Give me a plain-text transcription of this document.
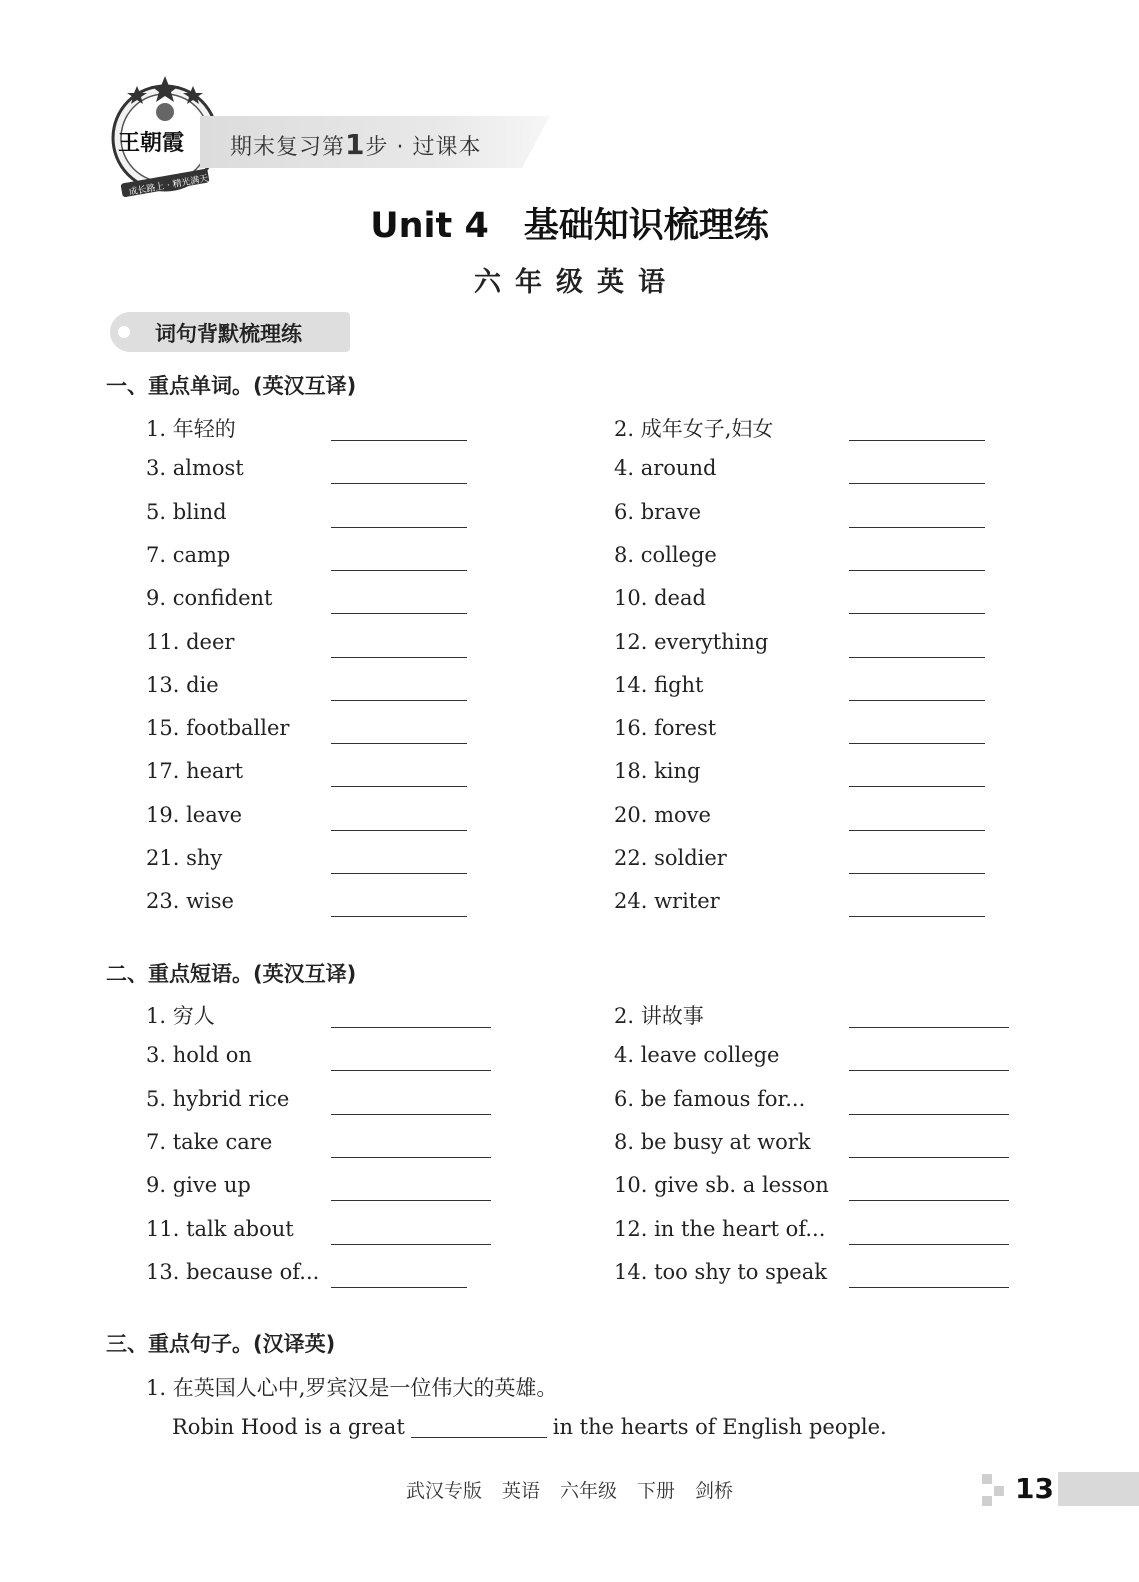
王朝霞
成长路上 · 精光满天
期末复习第1步 · 过课本
Unit 4　基础知识梳理练
六年级英语
词句背默梳理练
一、重点单词。(英汉互译)
1. 年轻的	2. 成年女子,妇女
3. almost	4. around
5. blind	6. brave
7. camp	8. college
9. confident	10. dead
11. deer	12. everything
13. die	14. fight
15. footballer	16. forest
17. heart	18. king
19. leave	20. move
21. shy	22. soldier
23. wise	24. writer
二、重点短语。(英汉互译)
1. 穷人	2. 讲故事
3. hold on	4. leave college
5. hybrid rice	6. be famous for...
7. take care	8. be busy at work
9. give up	10. give sb. a lesson
11. talk about	12. in the heart of...
13. because of...	14. too shy to speak
三、重点句子。(汉译英)
1. 在英国人心中,罗宾汉是一位伟大的英雄。
Robin Hood is a great	in the hearts of English people.
武汉专版 英语 六年级 下册 剑桥	13
